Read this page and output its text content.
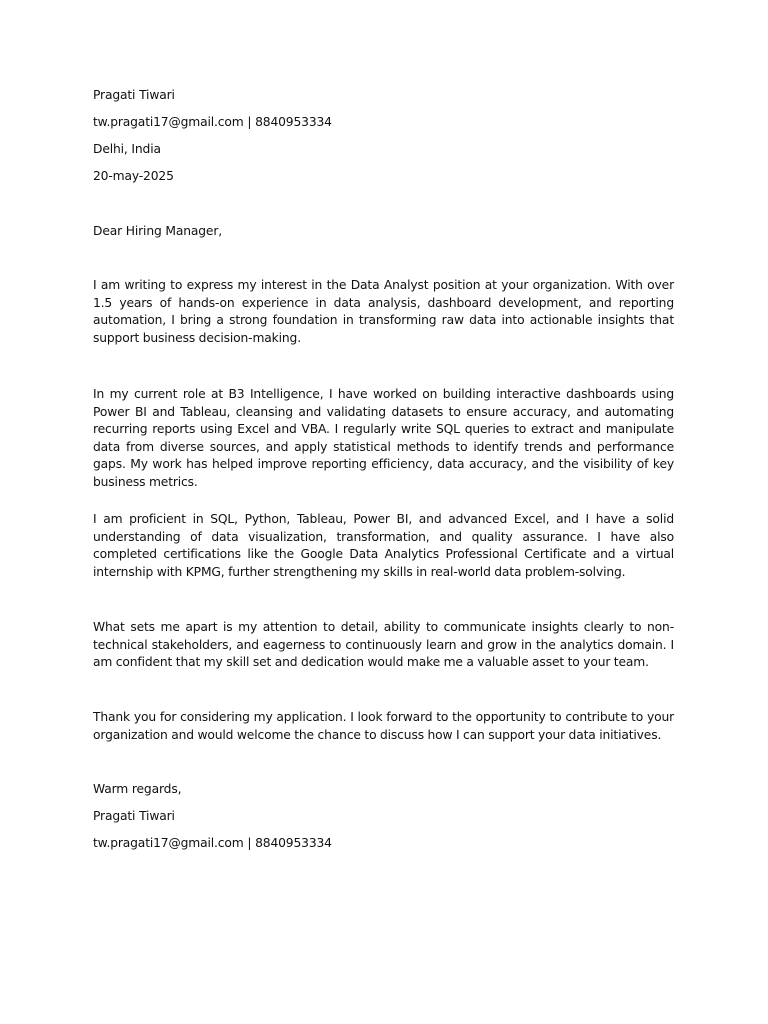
Pragati Tiwari
tw.pragati17@gmail.com | 8840953334
Delhi, India
20-may-2025
Dear Hiring Manager,

I am writing to express my interest in the Data Analyst position at your organization. With over 1.5 years of hands-on experience in data analysis, dashboard development, and reporting automation, I bring a strong foundation in transforming raw data into actionable insights that support business decision-making.

In my current role at B3 Intelligence, I have worked on building interactive dashboards using Power BI and Tableau, cleansing and validating datasets to ensure accuracy, and automating recurring reports using Excel and VBA. I regularly write SQL queries to extract and manipulate data from diverse sources, and apply statistical methods to identify trends and performance gaps. My work has helped improve reporting efficiency, data accuracy, and the visibility of key business metrics.

I am proficient in SQL, Python, Tableau, Power BI, and advanced Excel, and I have a solid understanding of data visualization, transformation, and quality assurance. I have also completed certifications like the Google Data Analytics Professional Certificate and a virtual internship with KPMG, further strengthening my skills in real-world data problem-solving.

What sets me apart is my attention to detail, ability to communicate insights clearly to non-technical stakeholders, and eagerness to continuously learn and grow in the analytics domain. I am confident that my skill set and dedication would make me a valuable asset to your team.

Thank you for considering my application. I look forward to the opportunity to contribute to your organization and would welcome the chance to discuss how I can support your data initiatives.

Warm regards,
Pragati Tiwari
tw.pragati17@gmail.com | 8840953334
